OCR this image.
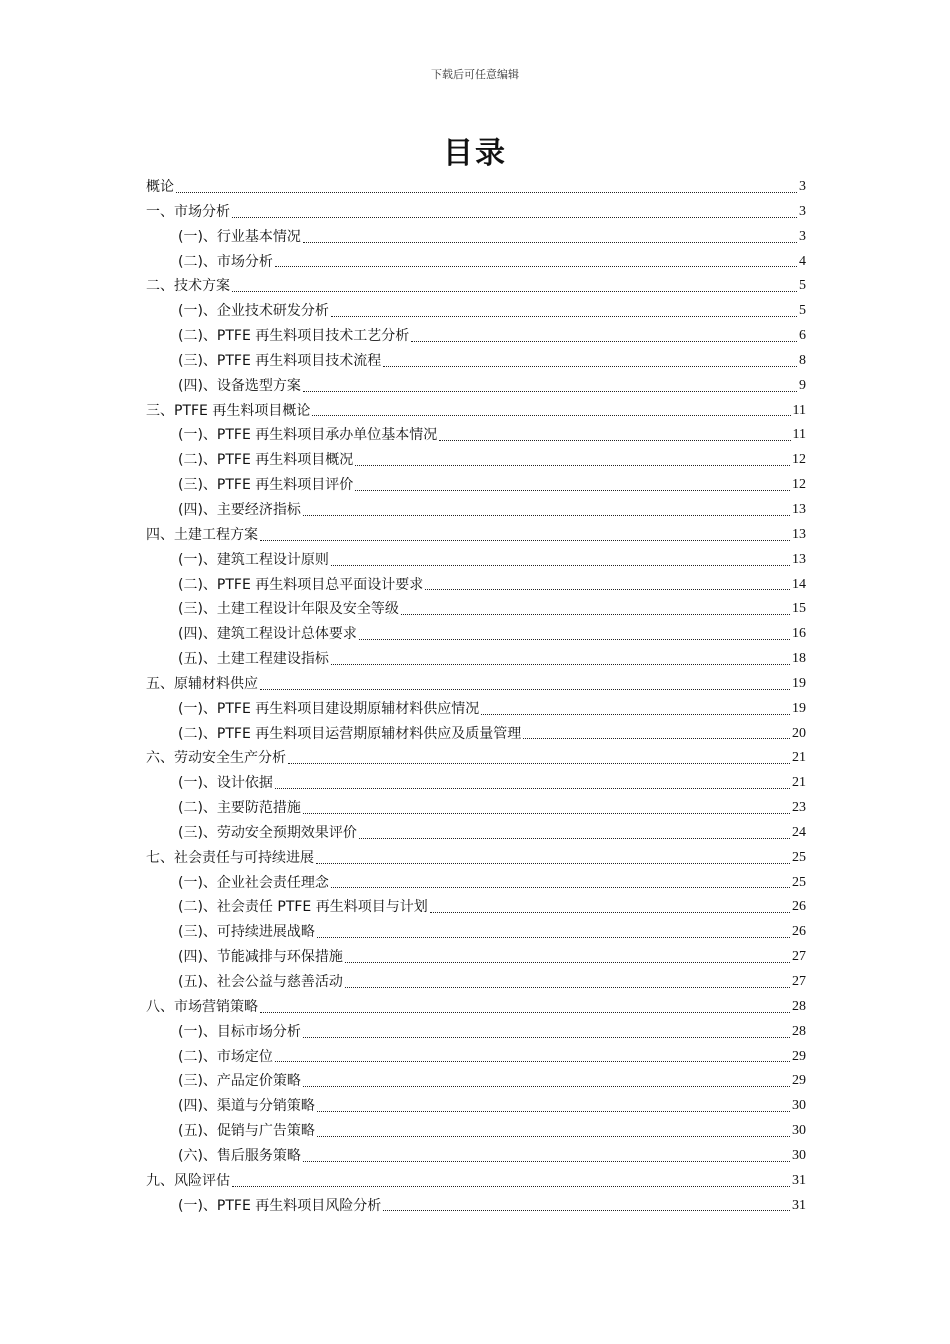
下载后可任意编辑
目录
概论	3
一、市场分析	3
(一)、行业基本情况	3
(二)、市场分析	4
二、技术方案	5
(一)、企业技术研发分析	5
(二)、PTFE 再生料项目技术工艺分析	6
(三)、PTFE 再生料项目技术流程	8
(四)、设备选型方案	9
三、PTFE 再生料项目概论	11
(一)、PTFE 再生料项目承办单位基本情况	11
(二)、PTFE 再生料项目概况	12
(三)、PTFE 再生料项目评价	12
(四)、主要经济指标	13
四、土建工程方案	13
(一)、建筑工程设计原则	13
(二)、PTFE 再生料项目总平面设计要求	14
(三)、土建工程设计年限及安全等级	15
(四)、建筑工程设计总体要求	16
(五)、土建工程建设指标	18
五、原辅材料供应	19
(一)、PTFE 再生料项目建设期原辅材料供应情况	19
(二)、PTFE 再生料项目运营期原辅材料供应及质量管理	20
六、劳动安全生产分析	21
(一)、设计依据	21
(二)、主要防范措施	23
(三)、劳动安全预期效果评价	24
七、社会责任与可持续进展	25
(一)、企业社会责任理念	25
(二)、社会责任 PTFE 再生料项目与计划	26
(三)、可持续进展战略	26
(四)、节能减排与环保措施	27
(五)、社会公益与慈善活动	27
八、市场营销策略	28
(一)、目标市场分析	28
(二)、市场定位	29
(三)、产品定价策略	29
(四)、渠道与分销策略	30
(五)、促销与广告策略	30
(六)、售后服务策略	30
九、风险评估	31
(一)、PTFE 再生料项目风险分析	31
